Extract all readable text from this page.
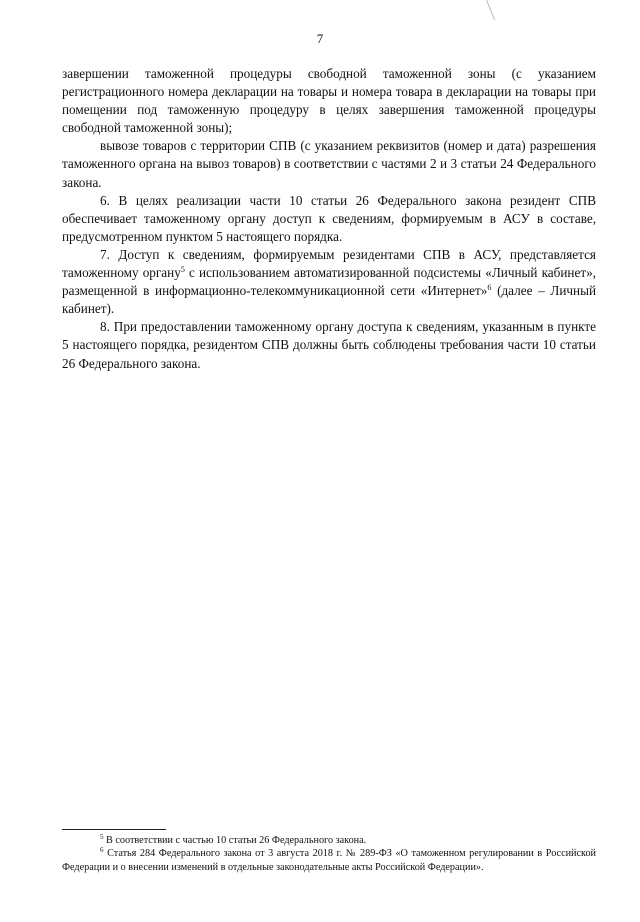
7

завершении таможенной процедуры свободной таможенной зоны (с указанием регистрационного номера декларации на товары и номера товара в декларации на товары при помещении под таможенную процедуру в целях завершения таможенной процедуры свободной таможенной зоны);

вывозе товаров с территории СПВ (с указанием реквизитов (номер и дата) разрешения таможенного органа на вывоз товаров) в соответствии с частями 2 и 3 статьи 24 Федерального закона.

6. В целях реализации части 10 статьи 26 Федерального закона резидент СПВ обеспечивает таможенному органу доступ к сведениям, формируемым в АСУ в составе, предусмотренном пунктом 5 настоящего порядка.

7. Доступ к сведениям, формируемым резидентами СПВ в АСУ, представляется таможенному органу$^5$ с использованием автоматизированной подсистемы «Личный кабинет», размещенной в информационно-телекоммуникационной сети «Интернет»$^6$ (далее – Личный кабинет).

8. При предоставлении таможенному органу доступа к сведениям, указанным в пункте 5 настоящего порядка, резидентом СПВ должны быть соблюдены требования части 10 статьи 26 Федерального закона.

$^5$ В соответствии с частью 10 статьи 26 Федерального закона.

$^6$ Статья 284 Федерального закона от 3 августа 2018 г. № 289-ФЗ «О таможенном регулировании в Российской Федерации и о внесении изменений в отдельные законодательные акты Российской Федерации».
